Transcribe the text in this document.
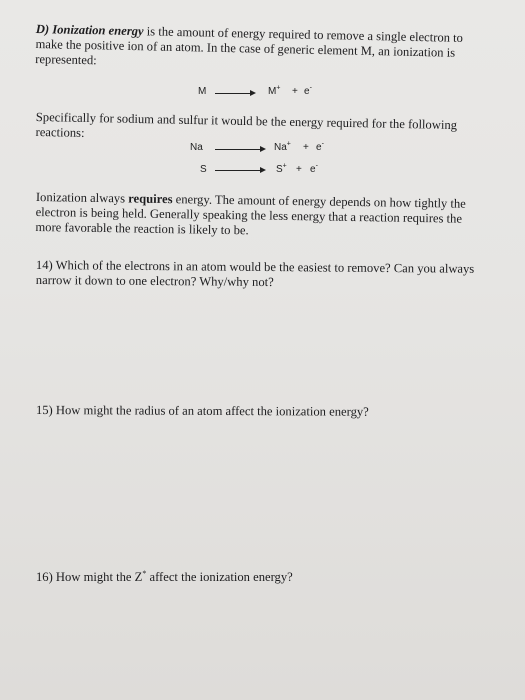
D) Ionization energy is the amount of energy required to remove a single electron to make the positive ion of an atom. In the case of generic element M, an ionization is represented:
M	M+ + e-
Specifically for sodium and sulfur it would be the energy required for the following reactions:
Na	Na+ + e-
S	S+ + e-
Ionization always requires energy. The amount of energy depends on how tightly the electron is being held. Generally speaking the less energy that a reaction requires the more favorable the reaction is likely to be.
14) Which of the electrons in an atom would be the easiest to remove? Can you always narrow it down to one electron? Why/why not?
15) How might the radius of an atom affect the ionization energy?
16) How might the Z* affect the ionization energy?
